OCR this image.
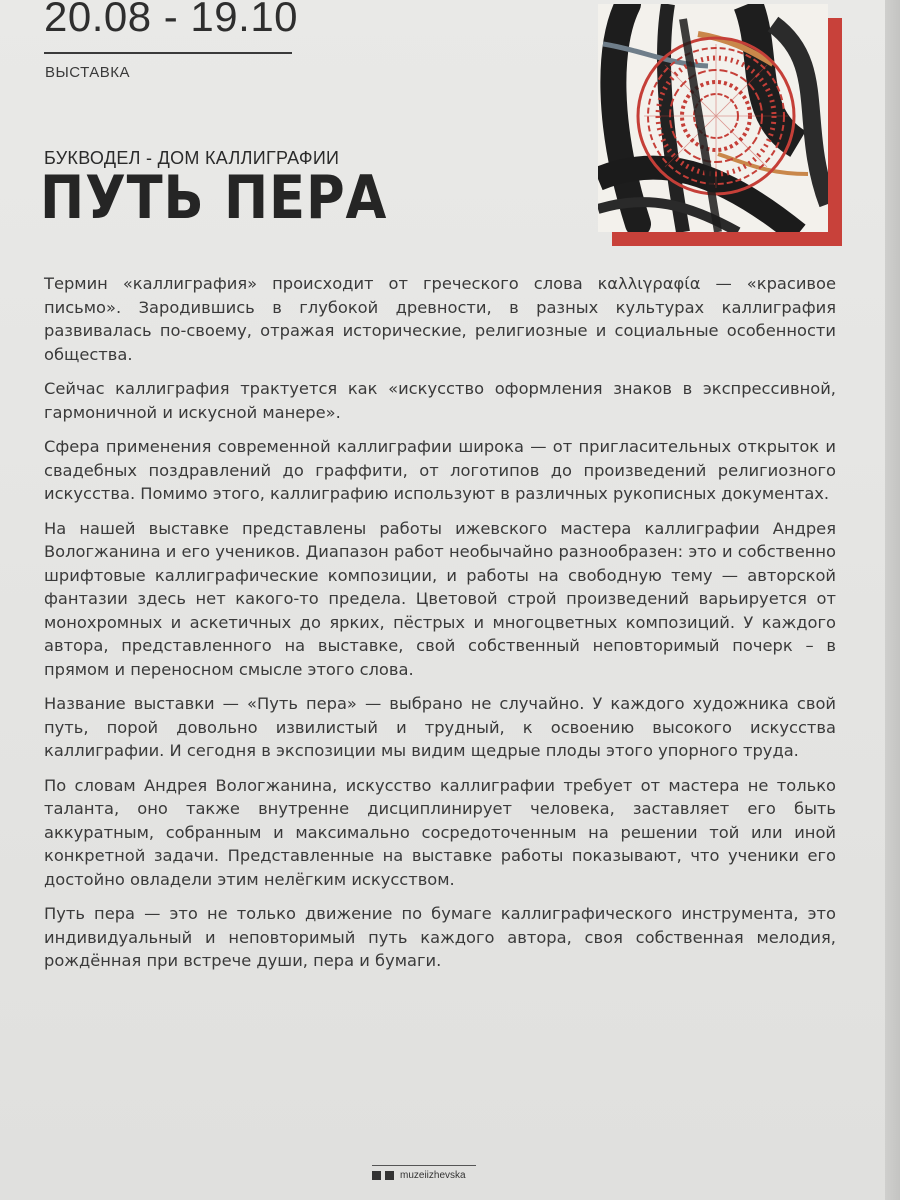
20.08 - 19.10
ВЫСТАВКА
БУКВОДЕЛ - ДОМ КАЛЛИГРАФИИ
ПУТЬ ПЕРА

Термин «каллиграфия» происходит от греческого слова καλλιγραφία — «красивое письмо». Зародившись в глубокой древности, в разных культурах каллиграфия развивалась по-своему, отражая исторические, религиозные и социальные особенности общества.

Сейчас каллиграфия трактуется как «искусство оформления знаков в экспрессивной, гармоничной и искусной манере».

Сфера применения современной каллиграфии широка — от пригласительных открыток и свадебных поздравлений до граффити, от логотипов до произведений религиозного искусства. Помимо этого, каллиграфию используют в различных рукописных документах.

На нашей выставке представлены работы ижевского мастера каллиграфии Андрея Вологжанина и его учеников. Диапазон работ необычайно разнообразен: это и собственно шрифтовые каллиграфические композиции, и работы на свободную тему — авторской фантазии здесь нет какого-то предела. Цветовой строй произведений варьируется от монохромных и аскетичных до ярких, пёстрых и многоцветных композиций. У каждого автора, представленного на выставке, свой собственный неповторимый почерк – в прямом и переносном смысле этого слова.

Название выставки — «Путь пера» — выбрано не случайно. У каждого художника свой путь, порой довольно извилистый и трудный, к освоению высокого искусства каллиграфии. И сегодня в экспозиции мы видим щедрые плоды этого упорного труда.

По словам Андрея Вологжанина, искусство каллиграфии требует от мастера не только таланта, оно также внутренне дисциплинирует человека, заставляет его быть аккуратным, собранным и максимально сосредоточенным на решении той или иной конкретной задачи. Представленные на выставке работы показывают, что ученики его достойно овладели этим нелёгким искусством.

Путь пера — это не только движение по бумаге каллиграфического инструмента, это индивидуальный и неповторимый путь каждого автора, своя собственная мелодия, рождённая при встрече души, пера и бумаги.

muzeiizhevska
